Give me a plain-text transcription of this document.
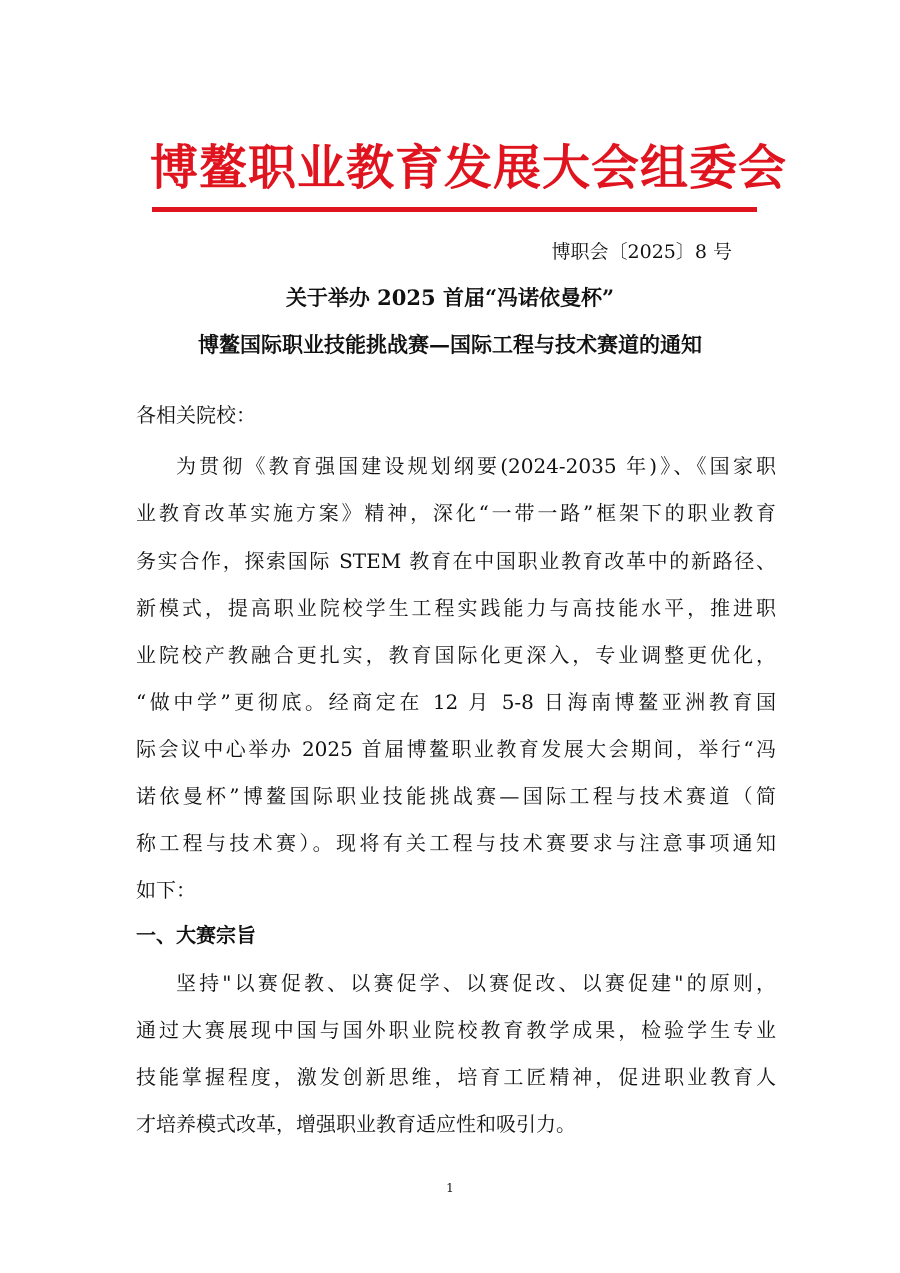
博鳌职业教育发展大会组委会
博职会〔2025〕8 号
关于举办 2025 首届“冯诺依曼杯”
博鳌国际职业技能挑战赛—国际工程与技术赛道的通知
各相关院校：
为贯彻《教育强国建设规划纲要(2024-2035 年)》、《国家职
业教育改革实施方案》精神，深化“一带一路”框架下的职业教育
务实合作，探索国际 STEM 教育在中国职业教育改革中的新路径、
新模式，提高职业院校学生工程实践能力与高技能水平，推进职
业院校产教融合更扎实，教育国际化更深入，专业调整更优化，
“做中学”更彻底。经商定在 12 月 5-8 日海南博鳌亚洲教育国
际会议中心举办 2025 首届博鳌职业教育发展大会期间，举行“冯
诺依曼杯”博鳌国际职业技能挑战赛—国际工程与技术赛道（简
称工程与技术赛）。现将有关工程与技术赛要求与注意事项通知
如下：
一、大赛宗旨
坚持"以赛促教、以赛促学、以赛促改、以赛促建"的原则，
通过大赛展现中国与国外职业院校教育教学成果，检验学生专业
技能掌握程度，激发创新思维，培育工匠精神，促进职业教育人
才培养模式改革，增强职业教育适应性和吸引力。
1
